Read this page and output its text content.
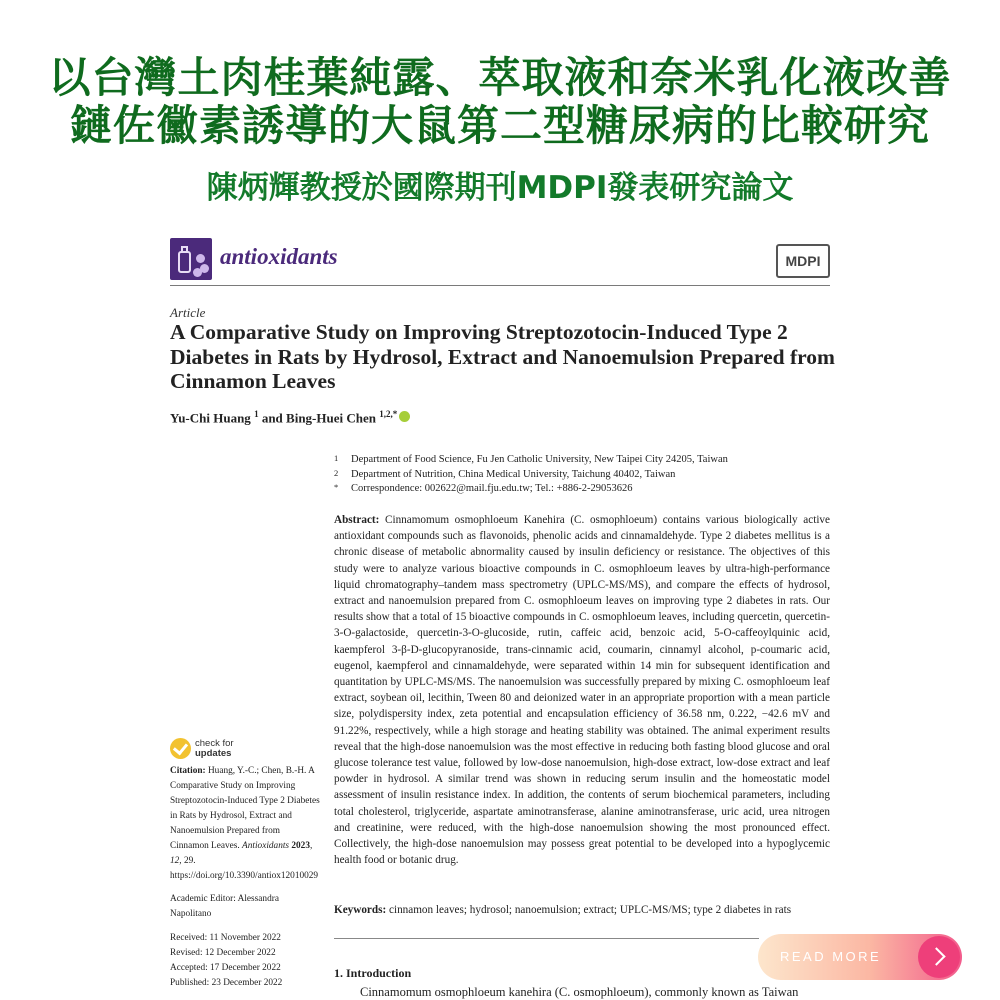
以台灣土肉桂葉純露、萃取液和奈米乳化液改善
鏈佐黴素誘導的大鼠第二型糖尿病的比較研究
陳炳輝教授於國際期刊MDPI發表研究論文
antioxidants	MDPI
Article
A Comparative Study on Improving Streptozotocin-Induced Type 2 Diabetes in Rats by Hydrosol, Extract and Nanoemulsion Prepared from Cinnamon Leaves
Yu-Chi Huang $^1$ and Bing-Huei Chen $^{1,2,*}$
1 Department of Food Science, Fu Jen Catholic University, New Taipei City 24205, Taiwan
2 Department of Nutrition, China Medical University, Taichung 40402, Taiwan
* Correspondence: 002622@mail.fju.edu.tw; Tel.: +886-2-29053626
Abstract: Cinnamomum osmophloeum Kanehira (C. osmophloeum) contains various biologically active antioxidant compounds such as flavonoids, phenolic acids and cinnamaldehyde. Type 2 diabetes mellitus is a chronic disease of metabolic abnormality caused by insulin deficiency or resistance. The objectives of this study were to analyze various bioactive compounds in C. osmophloeum leaves by ultra-high-performance liquid chromatography–tandem mass spectrometry (UPLC-MS/MS), and compare the effects of hydrosol, extract and nanoemulsion prepared from C. osmophloeum leaves on improving type 2 diabetes in rats. Our results show that a total of 15 bioactive compounds in C. osmophloeum leaves, including quercetin, quercetin-3-O-galactoside, quercetin-3-O-glucoside, rutin, caffeic acid, benzoic acid, 5-O-caffeoylquinic acid, kaempferol 3-β-D-glucopyranoside, trans-cinnamic acid, coumarin, cinnamyl alcohol, p-coumaric acid, eugenol, kaempferol and cinnamaldehyde, were separated within 14 min for subsequent identification and quantitation by UPLC-MS/MS. The nanoemulsion was successfully prepared by mixing C. osmophloeum leaf extract, soybean oil, lecithin, Tween 80 and deionized water in an appropriate proportion with a mean particle size, polydispersity index, zeta potential and encapsulation efficiency of 36.58 nm, 0.222, −42.6 mV and 91.22%, respectively, while a high storage and heating stability was obtained. The animal experiment results reveal that the high-dose nanoemulsion was the most effective in reducing both fasting blood glucose and oral glucose tolerance test value, followed by low-dose nanoemulsion, high-dose extract, low-dose extract and leaf powder in hydrosol. A similar trend was shown in reducing serum insulin and the homeostatic model assessment of insulin resistance index. In addition, the contents of serum biochemical parameters, including total cholesterol, triglyceride, aspartate aminotransferase, alanine aminotransferase, uric acid, urea nitrogen and creatinine, were reduced, with the high-dose nanoemulsion showing the most pronounced effect. Collectively, the high-dose nanoemulsion may possess great potential to be developed into a hypoglycemic health food or botanic drug.
Keywords: cinnamon leaves; hydrosol; nanoemulsion; extract; UPLC-MS/MS; type 2 diabetes in rats
1. Introduction
Cinnamomum osmophloeum kanehira (C. osmophloeum), commonly known as Taiwan
check for
updates
Citation: Huang, Y.-C.; Chen, B.-H. A Comparative Study on Improving Streptozotocin-Induced Type 2 Diabetes in Rats by Hydrosol, Extract and Nanoemulsion Prepared from Cinnamon Leaves. Antioxidants 2023, 12, 29. https://doi.org/10.3390/antiox12010029
Academic Editor: Alessandra Napolitano
Received: 11 November 2022
Revised: 12 December 2022
Accepted: 17 December 2022
Published: 23 December 2022
READ MORE
